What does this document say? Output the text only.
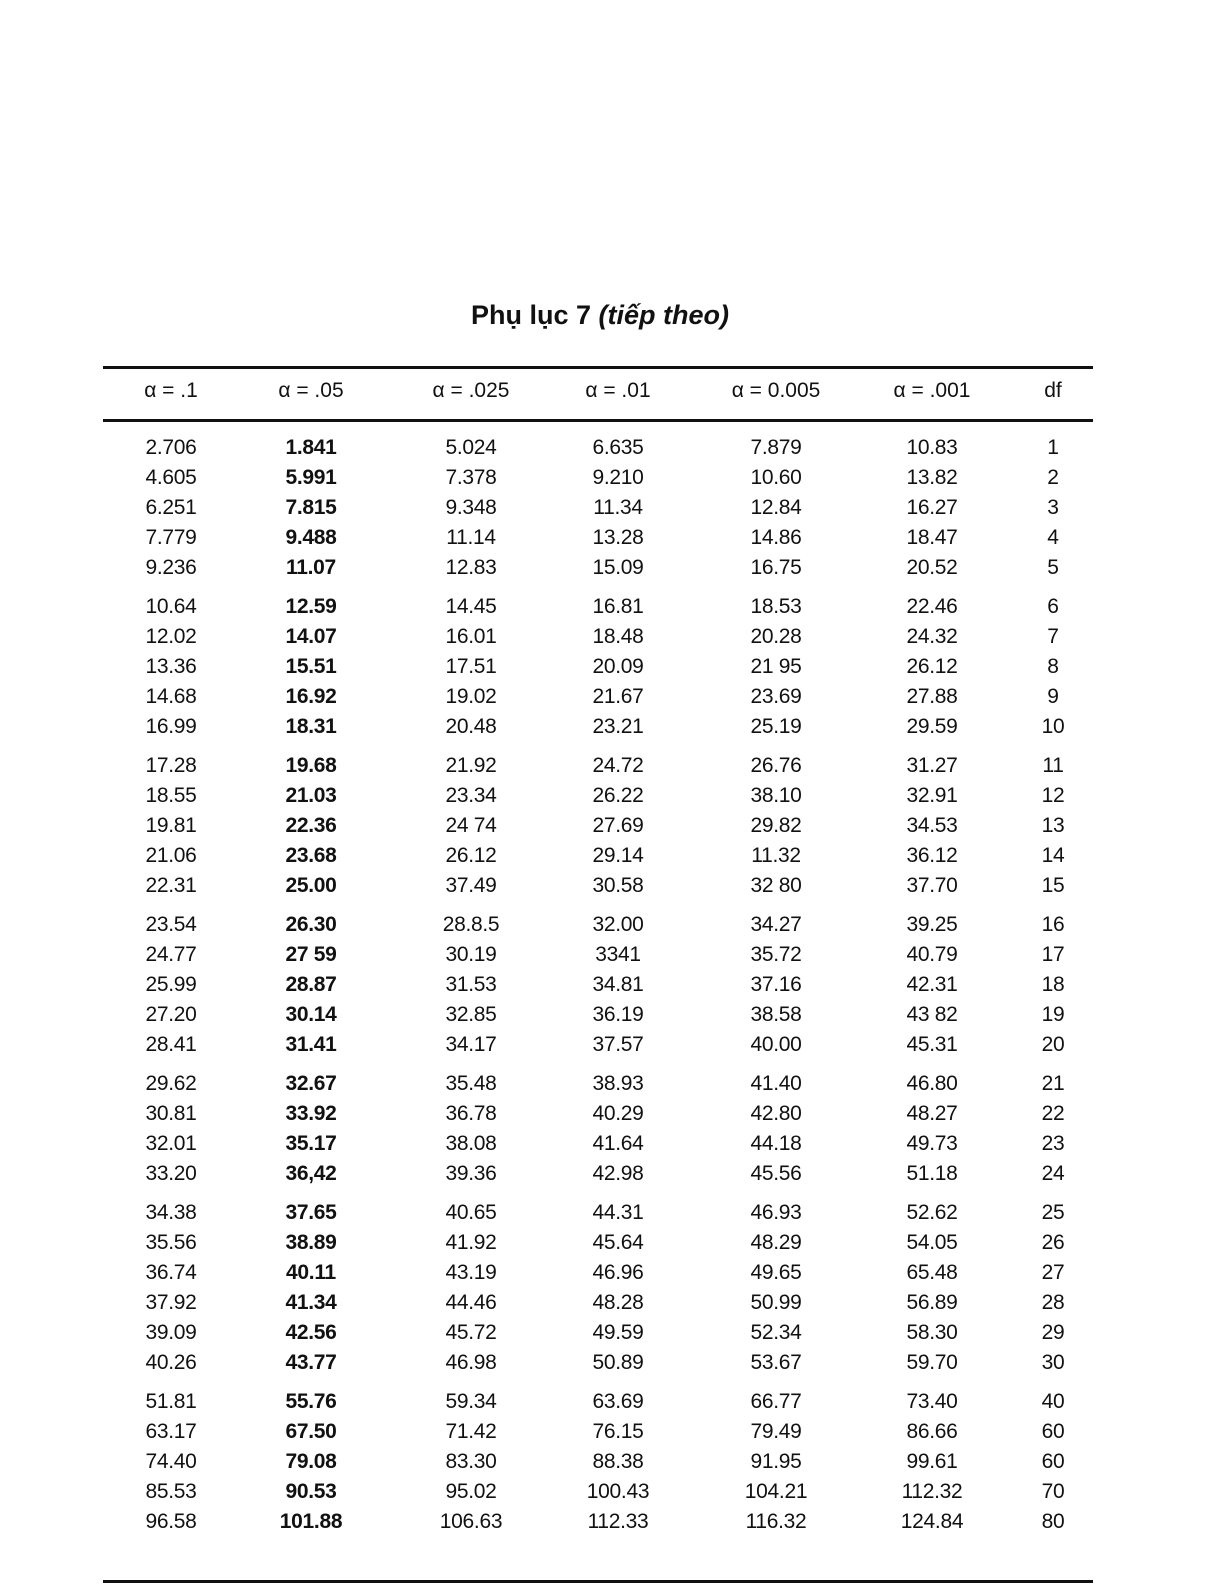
Phụ lục 7 (tiếp theo)
α = .1	α = .05	α = .025	α = .01	α = 0.005	α = .001	df
2.706	1.841	5.024	6.635	7.879	10.83	1
4.605	5.991	7.378	9.210	10.60	13.82	2
6.251	7.815	9.348	11.34	12.84	16.27	3
7.779	9.488	11.14	13.28	14.86	18.47	4
9.236	11.07	12.83	15.09	16.75	20.52	5
10.64	12.59	14.45	16.81	18.53	22.46	6
12.02	14.07	16.01	18.48	20.28	24.32	7
13.36	15.51	17.51	20.09	21 95	26.12	8
14.68	16.92	19.02	21.67	23.69	27.88	9
16.99	18.31	20.48	23.21	25.19	29.59	10
17.28	19.68	21.92	24.72	26.76	31.27	11
18.55	21.03	23.34	26.22	38.10	32.91	12
19.81	22.36	24 74	27.69	29.82	34.53	13
21.06	23.68	26.12	29.14	11.32	36.12	14
22.31	25.00	37.49	30.58	32 80	37.70	15
23.54	26.30	28.8.5	32.00	34.27	39.25	16
24.77	27 59	30.19	3341	35.72	40.79	17
25.99	28.87	31.53	34.81	37.16	42.31	18
27.20	30.14	32.85	36.19	38.58	43 82	19
28.41	31.41	34.17	37.57	40.00	45.31	20
29.62	32.67	35.48	38.93	41.40	46.80	21
30.81	33.92	36.78	40.29	42.80	48.27	22
32.01	35.17	38.08	41.64	44.18	49.73	23
33.20	36,42	39.36	42.98	45.56	51.18	24
34.38	37.65	40.65	44.31	46.93	52.62	25
35.56	38.89	41.92	45.64	48.29	54.05	26
36.74	40.11	43.19	46.96	49.65	65.48	27
37.92	41.34	44.46	48.28	50.99	56.89	28
39.09	42.56	45.72	49.59	52.34	58.30	29
40.26	43.77	46.98	50.89	53.67	59.70	30
51.81	55.76	59.34	63.69	66.77	73.40	40
63.17	67.50	71.42	76.15	79.49	86.66	60
74.40	79.08	83.30	88.38	91.95	99.61	60
85.53	90.53	95.02	100.43	104.21	112.32	70
96.58	101.88	106.63	112.33	116.32	124.84	80
